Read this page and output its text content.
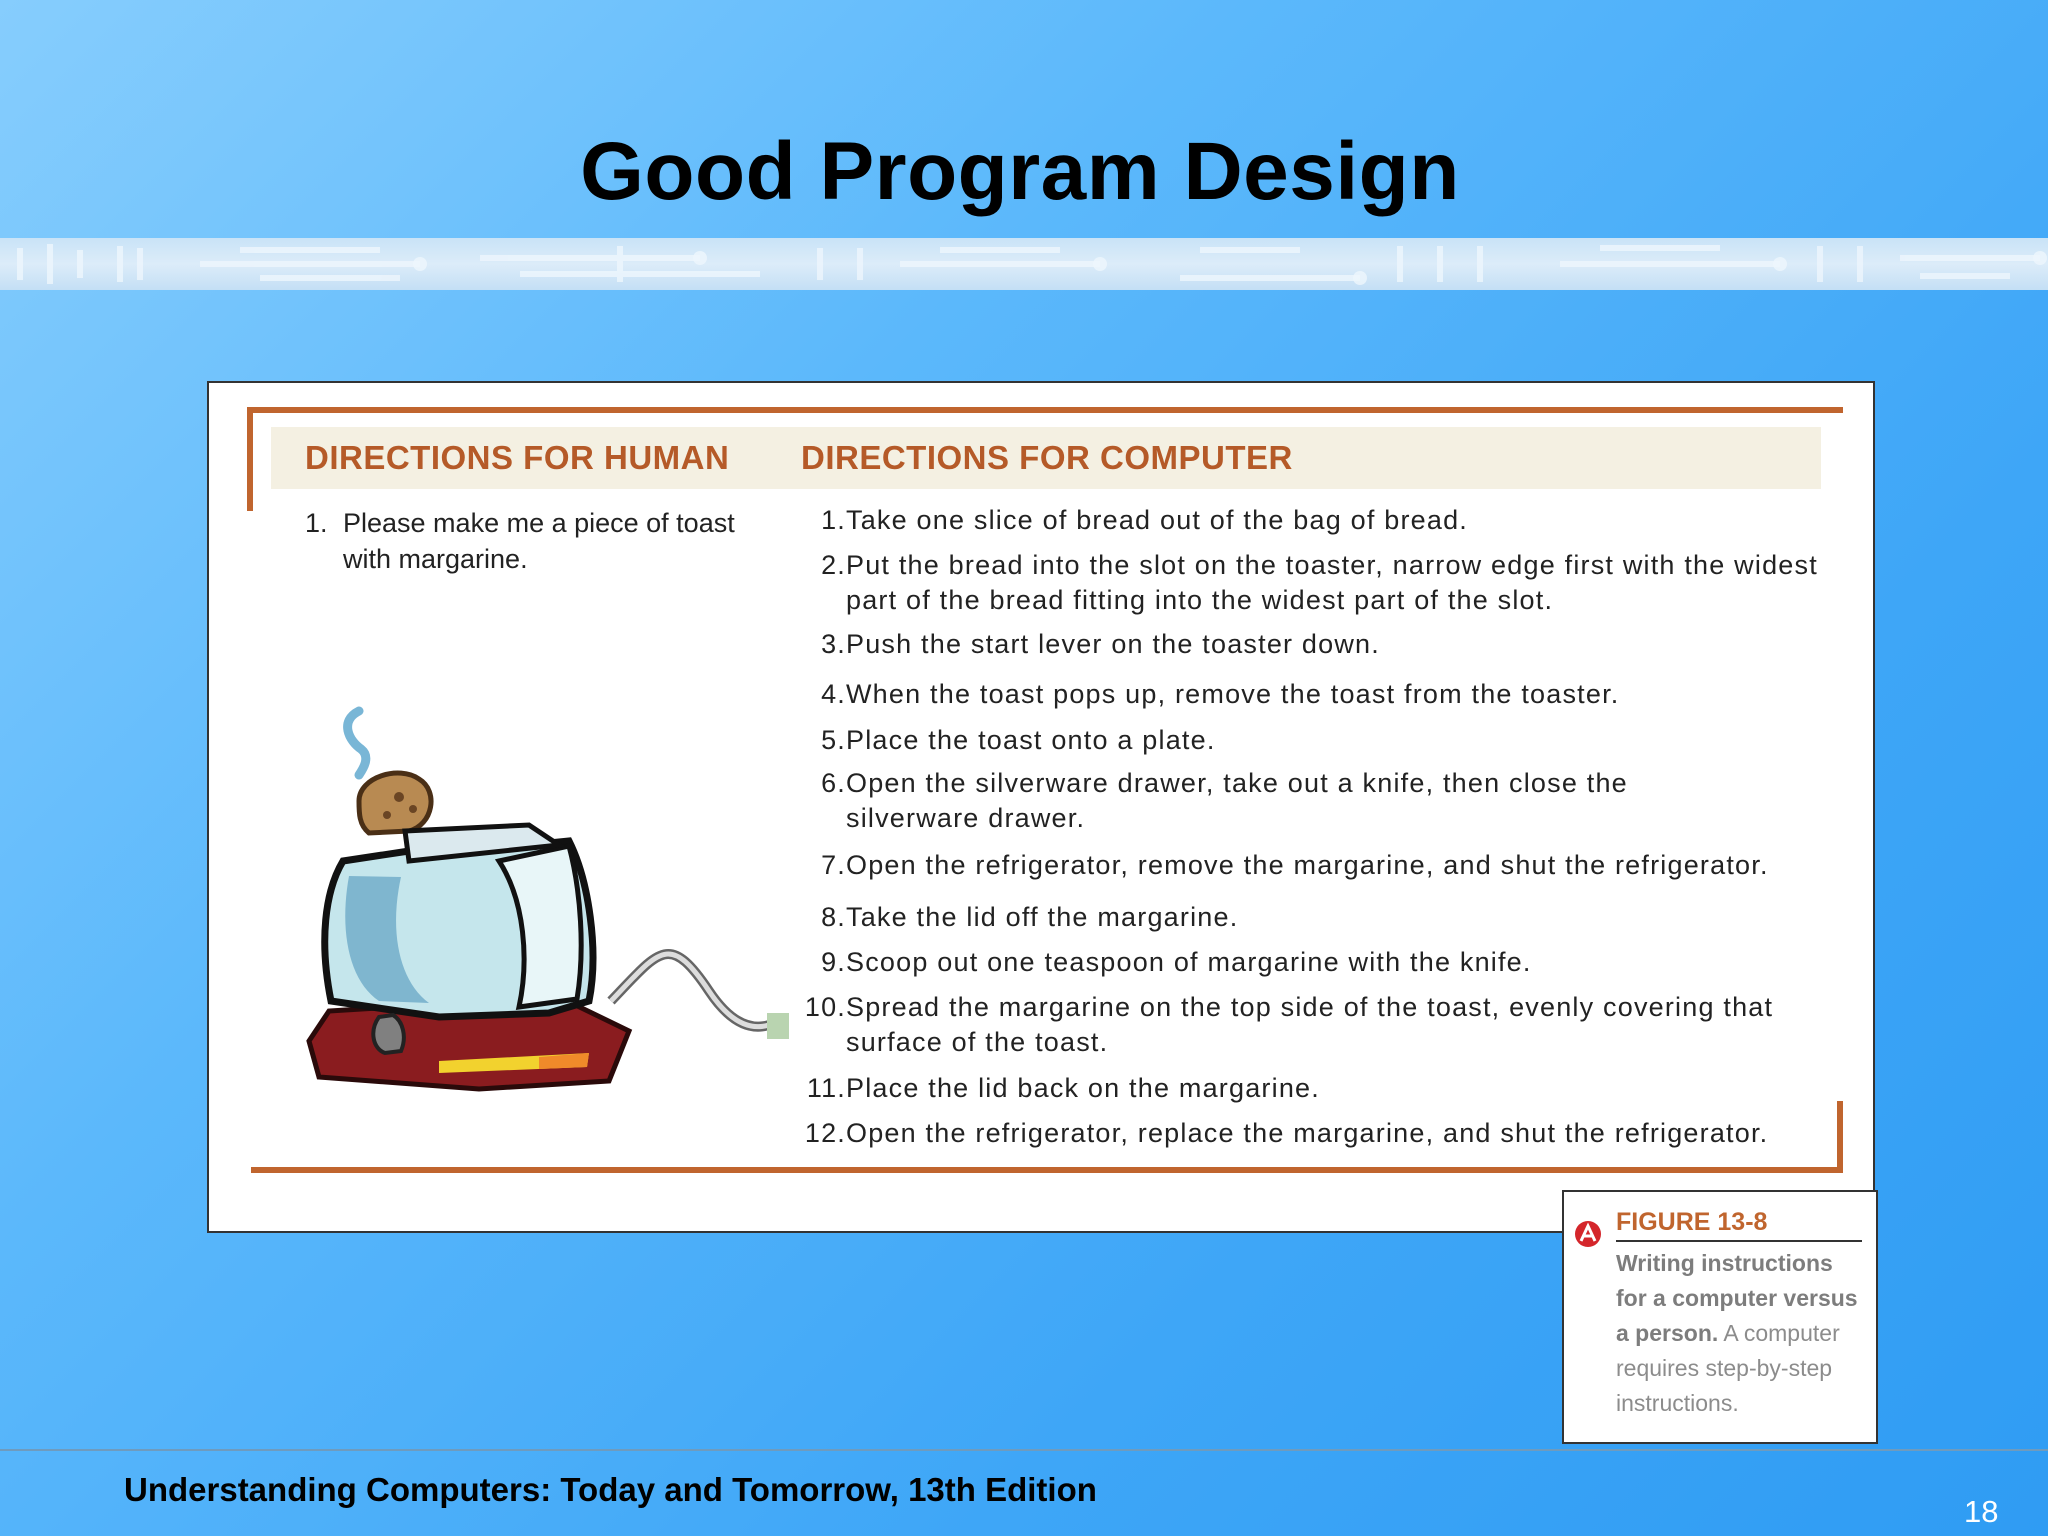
Good Program Design
DIRECTIONS FOR HUMAN DIRECTIONS FOR COMPUTER
1. Please make me a piece of toast with margarine.
1. Take one slice of bread out of the bag of bread.
2. Put the bread into the slot on the toaster, narrow edge first with the widest part of the bread fitting into the widest part of the slot.
3. Push the start lever on the toaster down.
4. When the toast pops up, remove the toast from the toaster.
5. Place the toast onto a plate.
6. Open the silverware drawer, take out a knife, then close the silverware drawer.
7. Open the refrigerator, remove the margarine, and shut the refrigerator.
8. Take the lid off the margarine.
9. Scoop out one teaspoon of margarine with the knife.
10. Spread the margarine on the top side of the toast, evenly covering that surface of the toast.
11. Place the lid back on the margarine.
12. Open the refrigerator, replace the margarine, and shut the refrigerator.
FIGURE 13-8
Writing instructions for a computer versus a person. A computer requires step-by-step instructions.
Understanding Computers: Today and Tomorrow, 13th Edition
18
